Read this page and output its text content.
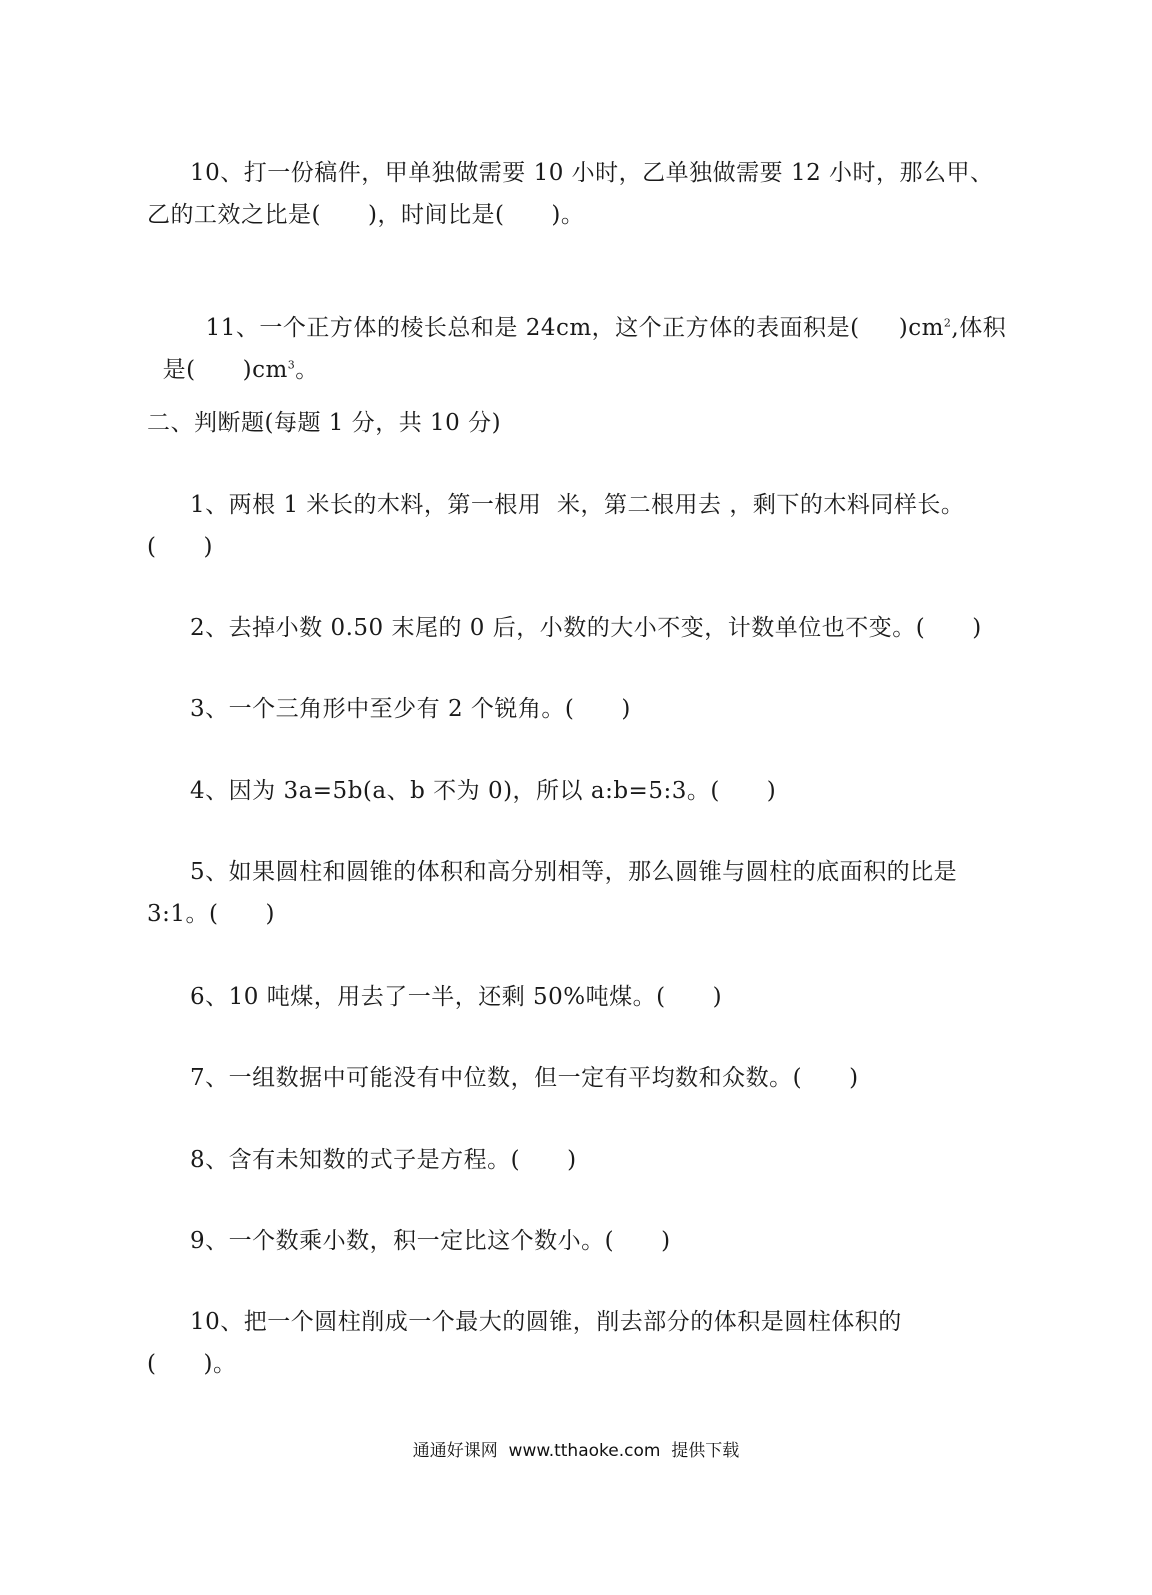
10、打一份稿件，甲单独做需要 10 小时，乙单独做需要 12 小时，那么甲、
乙的工效之比是(　　)，时间比是(　　)。

11、一个正方体的棱长总和是 24cm，这个正方体的表面积是(　  )$cm^2$,体积

是(　　)$cm^3$。

二、判断题(每题 1 分，共 10 分)
1、两根 1 米长的木料，第一根用  米，第二根用去 ，剩下的木料同样长。
(　　)
2、去掉小数 0.50 末尾的 0 后，小数的大小不变，计数单位也不变。(　　)
3、一个三角形中至少有 2 个锐角。(　　)
4、因为 3a=5b(a、b 不为 0)，所以 a:b=5:3。(　　)
5、如果圆柱和圆锥的体积和高分别相等，那么圆锥与圆柱的底面积的比是
3:1。(　　)
6、10 吨煤，用去了一半，还剩 50%吨煤。(　　)
7、一组数据中可能没有中位数，但一定有平均数和众数。(　　)
8、含有未知数的式子是方程。(　　)
9、一个数乘小数，积一定比这个数小。(　　)
10、把一个圆柱削成一个最大的圆锥，削去部分的体积是圆柱体积的
(　　)。
通通好课网  www.tthaoke.com  提供下载
